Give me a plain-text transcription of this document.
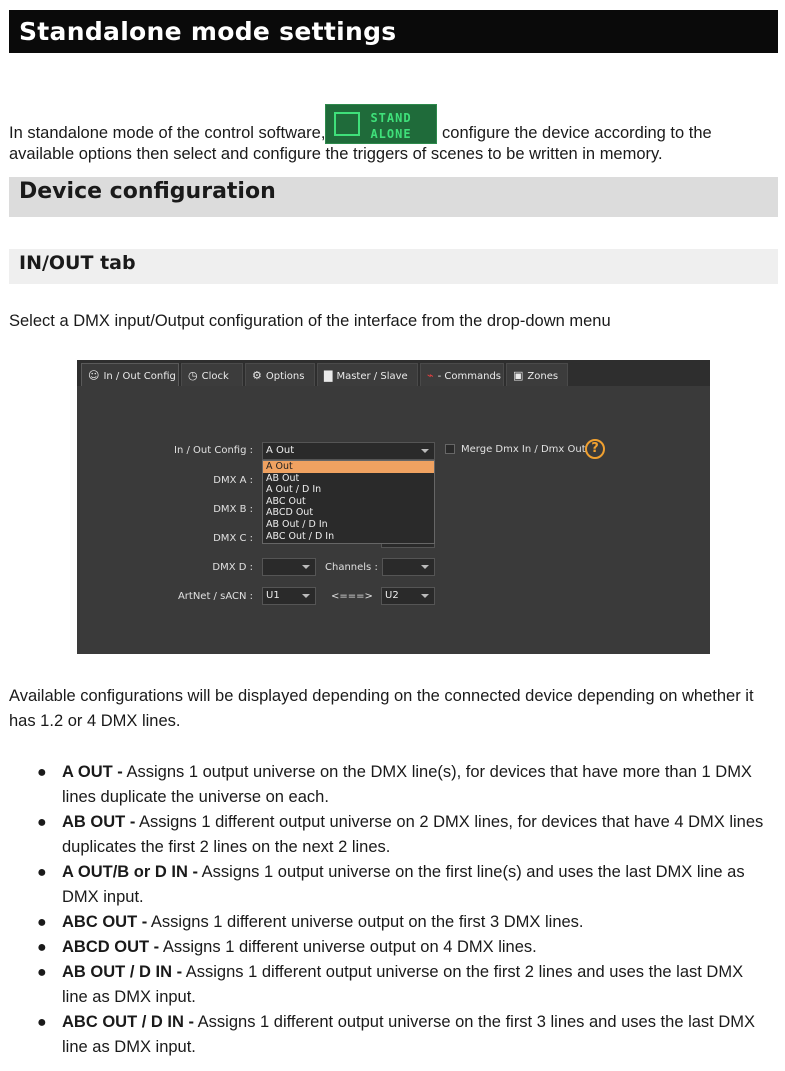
Standalone mode settings
In standalone mode of the control software,
STAND
ALONE configure the device according to the available options then select and configure the triggers of scenes to be written in memory.
Device configuration
IN/OUT tab
Select a DMX input/Output configuration of the interface from the drop-down menu
☺ In / Out Config	◷ Clock	⚙ Options	▇ Master / Slave	⌁ - Commands	▣ Zones
In / Out Config :	A Out	Merge Dmx In / Dmx Out ?
DMX A :
DMX B :
DMX C :
DMX D :	Channels :
ArtNet / sACN :	U1	<===>	U2
A Out
AB Out
A Out / D In
ABC Out
ABCD Out
AB Out / D In
ABC Out / D In
Available configurations will be displayed depending on the connected device depending on whether it has 1.2 or 4 DMX lines.
● A OUT - Assigns 1 output universe on the DMX line(s), for devices that have more than 1 DMX lines duplicate the universe on each.
● AB OUT - Assigns 1 different output universe on 2 DMX lines, for devices that have 4 DMX lines duplicates the first 2 lines on the next 2 lines.
● A OUT/B or D IN - Assigns 1 output universe on the first line(s) and uses the last DMX line as DMX input.
● ABC OUT - Assigns 1 different universe output on the first 3 DMX lines.
● ABCD OUT - Assigns 1 different universe output on 4 DMX lines.
● AB OUT / D IN - Assigns 1 different output universe on the first 2 lines and uses the last DMX line as DMX input.
● ABC OUT / D IN - Assigns 1 different output universe on the first 3 lines and uses the last DMX line as DMX input.
